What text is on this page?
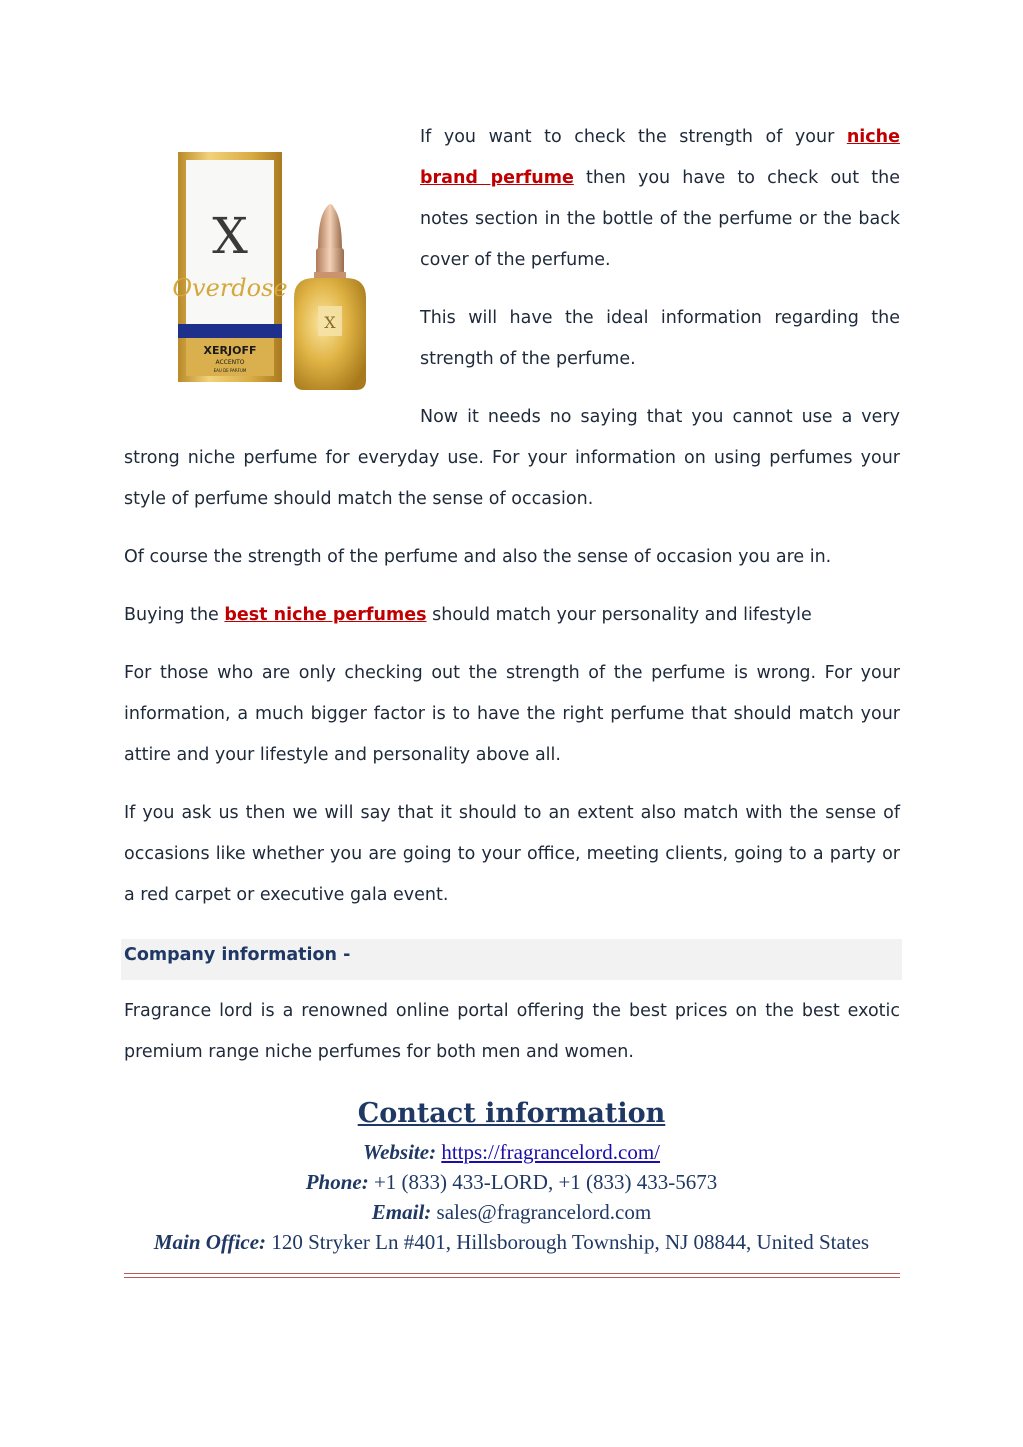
X
Overdose
XERJOFF
ACCENTO
EAU DE PARFUM
X

If you want to check the strength of your niche brand perfume then you have to check out the notes section in the bottle of the perfume or the back cover of the perfume.

This will have the ideal information regarding the strength of the perfume.

Now it needs no saying that you cannot use a very
strong niche perfume for everyday use. For your information on using perfumes your style of perfume should match the sense of occasion.

Of course the strength of the perfume and also the sense of occasion you are in.

Buying the best niche perfumes should match your personality and lifestyle

For those who are only checking out the strength of the perfume is wrong. For your information, a much bigger factor is to have the right perfume that should match your attire and your lifestyle and personality above all.

If you ask us then we will say that it should to an extent also match with the sense of occasions like whether you are going to your office, meeting clients, going to a party or a red carpet or executive gala event.

Company information -

Fragrance lord is a renowned online portal offering the best prices on the best exotic premium range niche perfumes for both men and women.

Contact information
Website: https://fragrancelord.com/
Phone: +1 (833) 433-LORD, +1 (833) 433-5673
Email: sales@fragrancelord.com
Main Office: 120 Stryker Ln #401, Hillsborough Township, NJ 08844, United States
